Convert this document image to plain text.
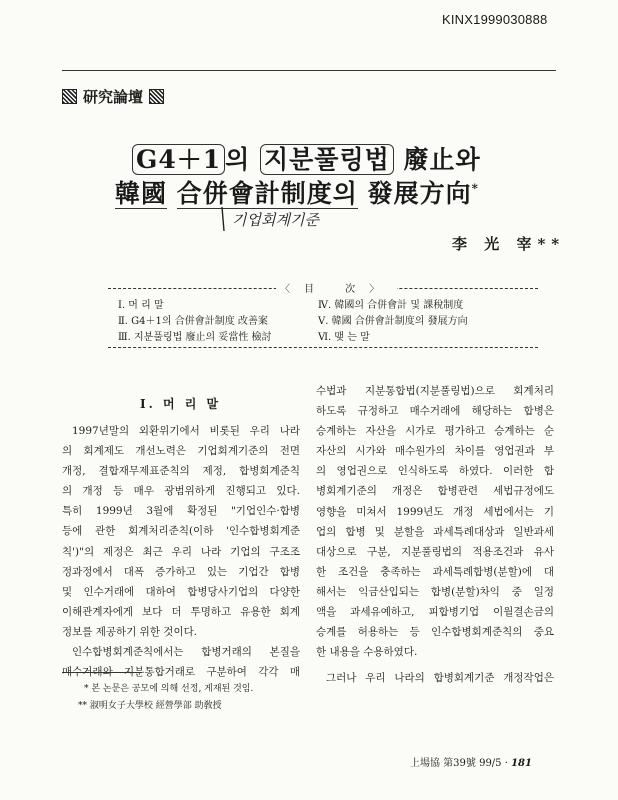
KINX1999030888
研究論壇
G4＋1 의 지분풀링법 廢止와
韓國 合併會計制度의 發展方向*
기업회계기준
李 光 宰**
〈目 次〉
Ⅰ. 머 리 말
Ⅱ. G4＋1의 合併會計制度 改善案
Ⅲ. 지분풀링법 廢止의 妥當性 檢討
Ⅳ. 韓國의 合併會計 및 課稅制度
Ⅴ. 韓國 合併會計制度의 發展方向
Ⅵ. 맺 는 말
Ⅰ. 머 리 말
1997년말의 외환위기에서 비롯된 우리 나라
의 회계제도 개선노력은 기업회계기준의 전면
개정, 결합재무제표준칙의 제정, 합병회계준칙
의 개정 등 매우 광범위하게 진행되고 있다.
특히 1999년 3월에 확정된 "기업인수·합병
등에 관한 회계처리준칙(이하 '인수합병회계준
칙')"의 제정은 최근 우리 나라 기업의 구조조
정과정에서 대폭 증가하고 있는 기업간 합병
및 인수거래에 대하여 합병당사기업의 다양한
이해관계자에게 보다 더 투명하고 유용한 회계
정보를 제공하기 위한 것이다.
인수합병회계준칙에서는 합병거래의 본질을
매수거래와 지분통합거래로 구분하여 각각 매
수법과 지분통합법(지분풀링법)으로 회계처리
하도록 규정하고 매수거래에 해당하는 합병은
승계하는 자산을 시가로 평가하고 승계하는 순
자산의 시가와 매수원가의 차이를 영업권과 부
의 영업권으로 인식하도록 하였다. 이러한 합
병회계기준의 개정은 합병관련 세법규정에도
영향을 미쳐서 1999년도 개정 세법에서는 기
업의 합병 및 분할을 과세특례대상과 일반과세
대상으로 구분, 지분풀링법의 적용조건과 유사
한 조건을 충족하는 과세특례합병(분할)에 대
해서는 익금산입되는 합병(분할)차익 중 일정
액을 과세유예하고, 피합병기업 이월결손금의
승계를 허용하는 등 인수합병회계준칙의 중요
한 내용을 수용하였다.
그러나 우리 나라의 합병회계기준 개정작업은
* 본 논문은 공모에 의해 선정, 게재된 것임.
** 淑明女子大學校 經營學部 助敎授
上場協 第39號 99/5 · 181
